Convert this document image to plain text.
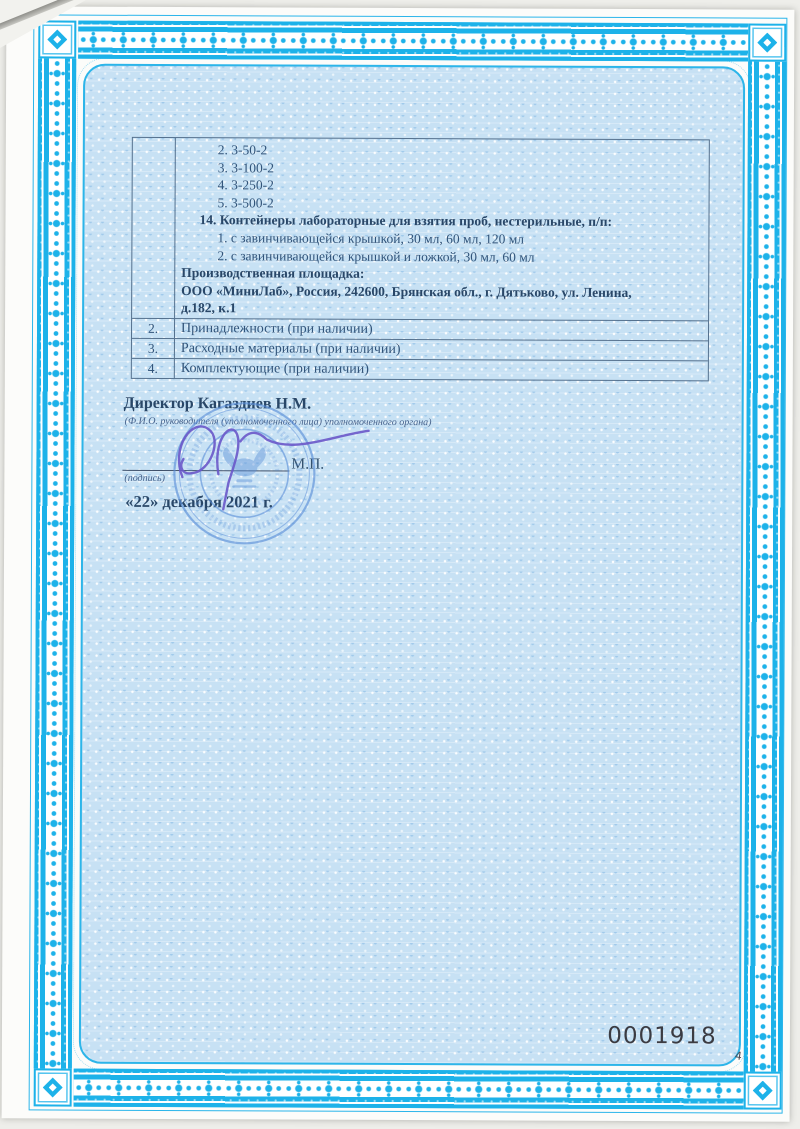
2. 3-50-2
3. 3-100-2
4. 3-250-2
5. 3-500-2
14. Контейнеры лабораторные для взятия проб, нестерильные, п/п:
1. с завинчивающейся крышкой, 30 мл, 60 мл, 120 мл
2. с завинчивающейся крышкой и ложкой, 30 мл, 60 мл
Производственная площадка:
ООО «МиниЛаб», Россия, 242600, Брянская обл., г. Дятьково, ул. Ленина,
д.182, к.1
2.	Принадлежности (при наличии)
3.	Расходные материалы (при наличии)
4.	Комплектующие (при наличии)
Директор Кагаздиев Н.М.
(Ф.И.О. руководителя (уполномоченного лица) уполномоченного органа)
М.П.
(подпись)
«22» декабря 2021 г.
0001918
4
